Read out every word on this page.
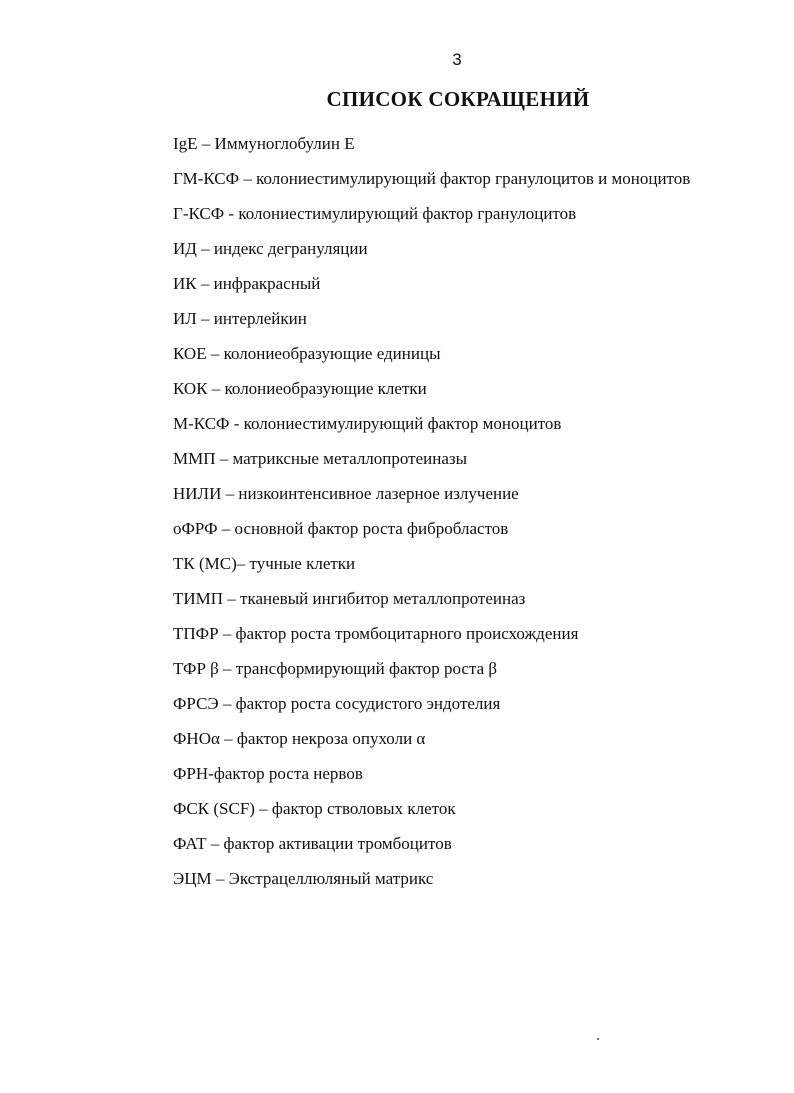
3
СПИСОК СОКРАЩЕНИЙ
IgE – Иммуноглобулин Е
ГМ-КСФ – колониестимулирующий фактор гранулоцитов и моноцитов
Г-КСФ - колониестимулирующий фактор гранулоцитов
ИД – индекс дегрануляции
ИК – инфракрасный
ИЛ – интерлейкин
КОЕ – колониеобразующие единицы
КОК – колониеобразующие клетки
М-КСФ - колониестимулирующий фактор моноцитов
ММП – матриксные металлопротеиназы
НИЛИ – низкоинтенсивное лазерное излучение
оФРФ – основной фактор роста фибробластов
ТК (МС)– тучные клетки
ТИМП – тканевый ингибитор металлопротеиназ
ТПФР – фактор роста тромбоцитарного происхождения
ТФР β – трансформирующий фактор роста β
ФРСЭ – фактор роста сосудистого эндотелия
ФНОα – фактор некроза опухоли α
ФРН-фактор роста нервов
ФСК (SCF) – фактор стволовых клеток
ФАТ – фактор активации тромбоцитов
ЭЦМ – Экстрацеллюляный матрикс
